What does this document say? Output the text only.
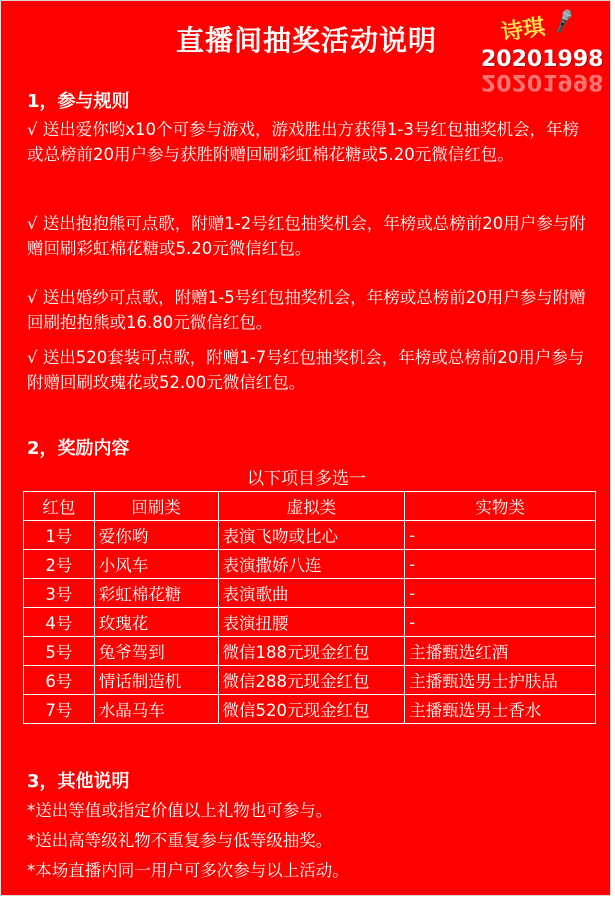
直播间抽奖活动说明	诗琪 🎤
20201998
20201998
1，参与规则

√ 送出爱你哟x10个可参与游戏，游戏胜出方获得1-3号红包抽奖机会，年榜或总榜前20用户参与获胜附赠回刷彩虹棉花糖或5.20元微信红包。

√ 送出抱抱熊可点歌，附赠1-2号红包抽奖机会，年榜或总榜前20用户参与附赠回刷彩虹棉花糖或5.20元微信红包。

√ 送出婚纱可点歌，附赠1-5号红包抽奖机会，年榜或总榜前20用户参与附赠回刷抱抱熊或16.80元微信红包。

√ 送出520套装可点歌，附赠1-7号红包抽奖机会，年榜或总榜前20用户参与附赠回刷玫瑰花或52.00元微信红包。

2，奖励内容
以下项目多选一
红包	回刷类	虚拟类	实物类
1号	爱你哟	表演飞吻或比心	-
2号	小风车	表演撒娇八连	-
3号	彩虹棉花糖	表演歌曲	-
4号	玫瑰花	表演扭腰	-
5号	兔爷驾到	微信188元现金红包	主播甄选红酒
6号	情话制造机	微信288元现金红包	主播甄选男士护肤品
7号	水晶马车	微信520元现金红包	主播甄选男士香水
3，其他说明
*送出等值或指定价值以上礼物也可参与。
*送出高等级礼物不重复参与低等级抽奖。
*本场直播内同一用户可多次参与以上活动。
